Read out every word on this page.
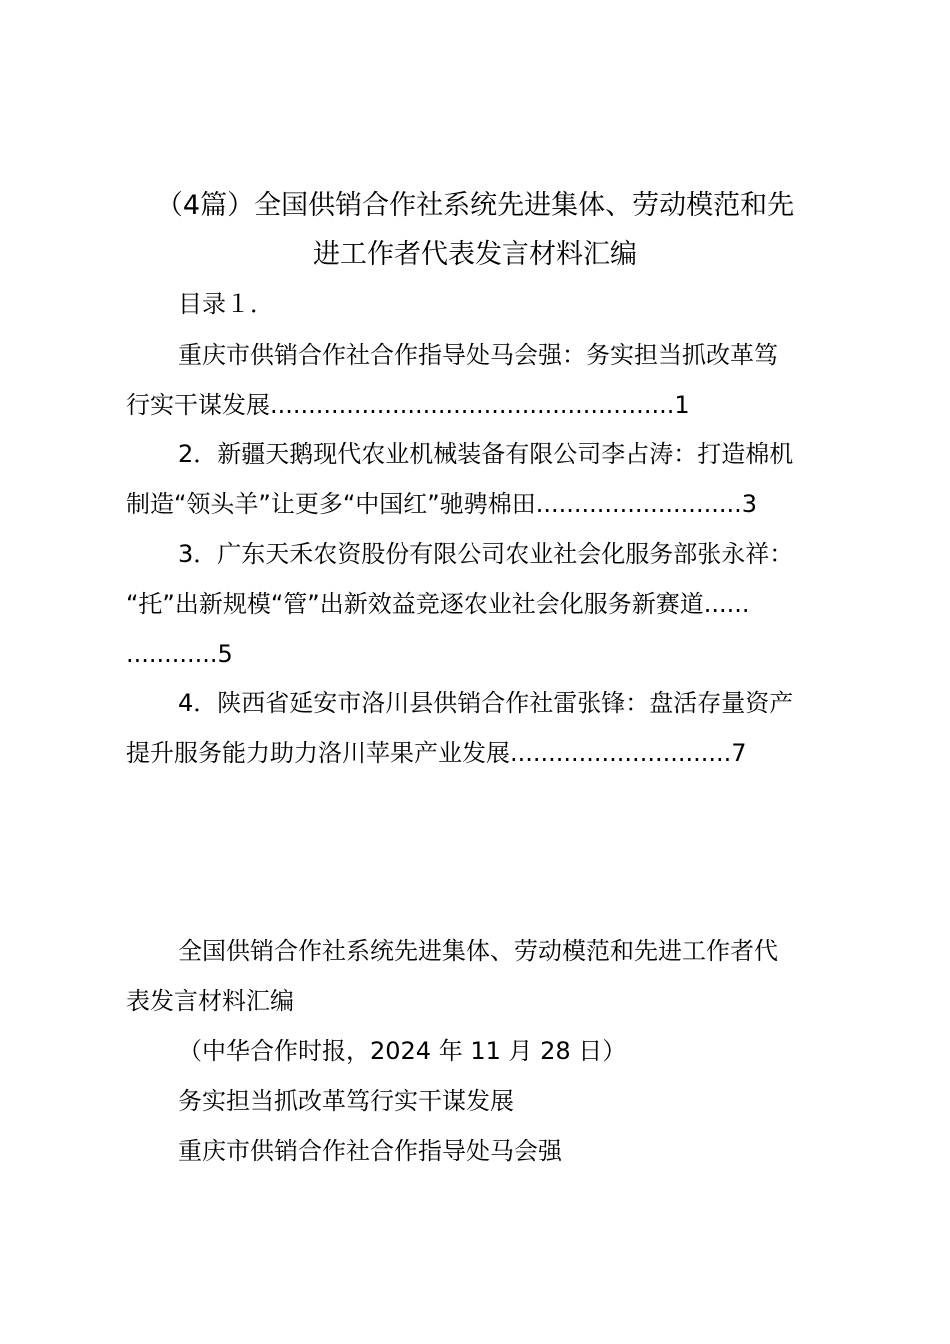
（4篇）全国供销合作社系统先进集体、劳动模范和先
进工作者代表发言材料汇编

目录１．

重庆市供销合作社合作指导处马会强：务实担当抓改革笃

行实干谋发展.....................................................1

2．新疆天鹅现代农业机械装备有限公司李占涛：打造棉机

制造“领头羊”让更多“中国红”驰骋棉田...........................3

3．广东天禾农资股份有限公司农业社会化服务部张永祥：

“托”出新规模“管”出新效益竞逐农业社会化服务新赛道......

............5

4．陕西省延安市洛川县供销合作社雷张锋：盘活存量资产

提升服务能力助力洛川苹果产业发展.............................7

全国供销合作社系统先进集体、劳动模范和先进工作者代

表发言材料汇编

（中华合作时报，2024 年 11 月 28 日）

务实担当抓改革笃行实干谋发展

重庆市供销合作社合作指导处马会强
